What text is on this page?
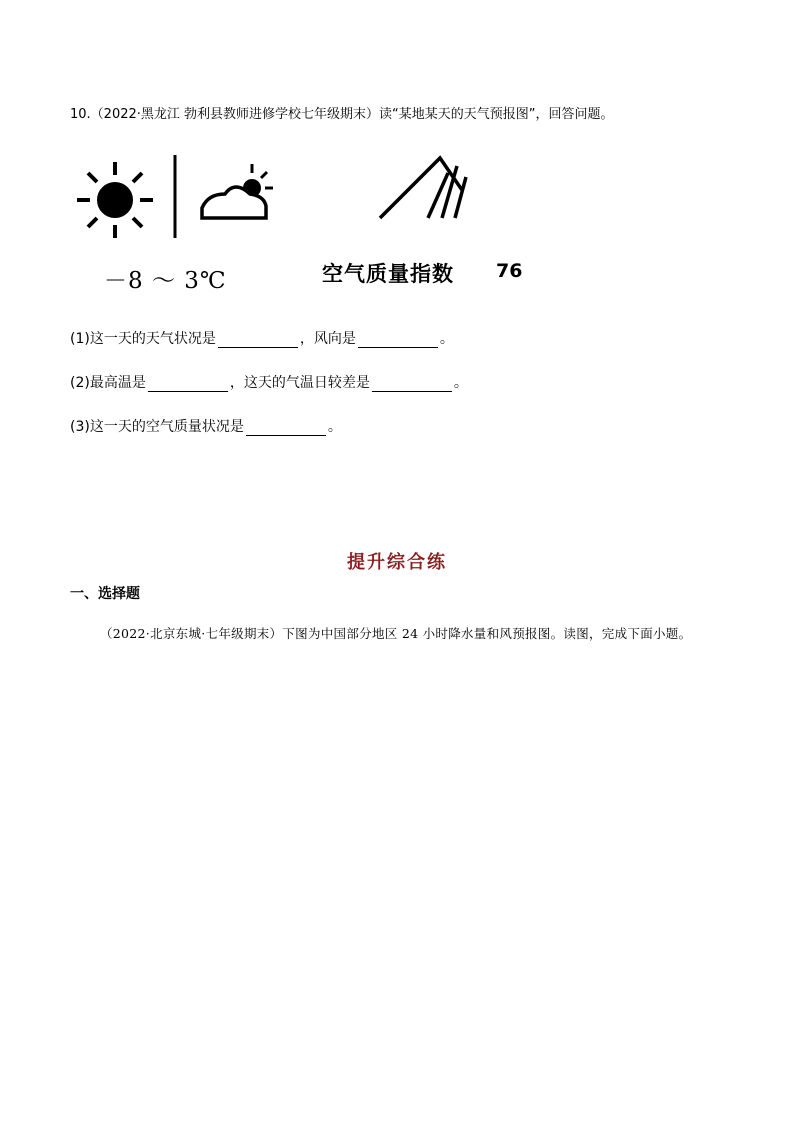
10.（2022·黑龙江 勃利县教师进修学校七年级期末）读“某地某天的天气预报图”，回答问题。
－8 ～ 3℃	空气质量指数 76
(1)这一天的天气状况是	，风向是	。
(2)最高温是	，这天的气温日较差是	。
(3)这一天的空气质量状况是	。
提升综合练
一、选择题
（2022·北京东城·七年级期末）下图为中国部分地区 24 小时降水量和风预报图。读图，完成下面小题。
